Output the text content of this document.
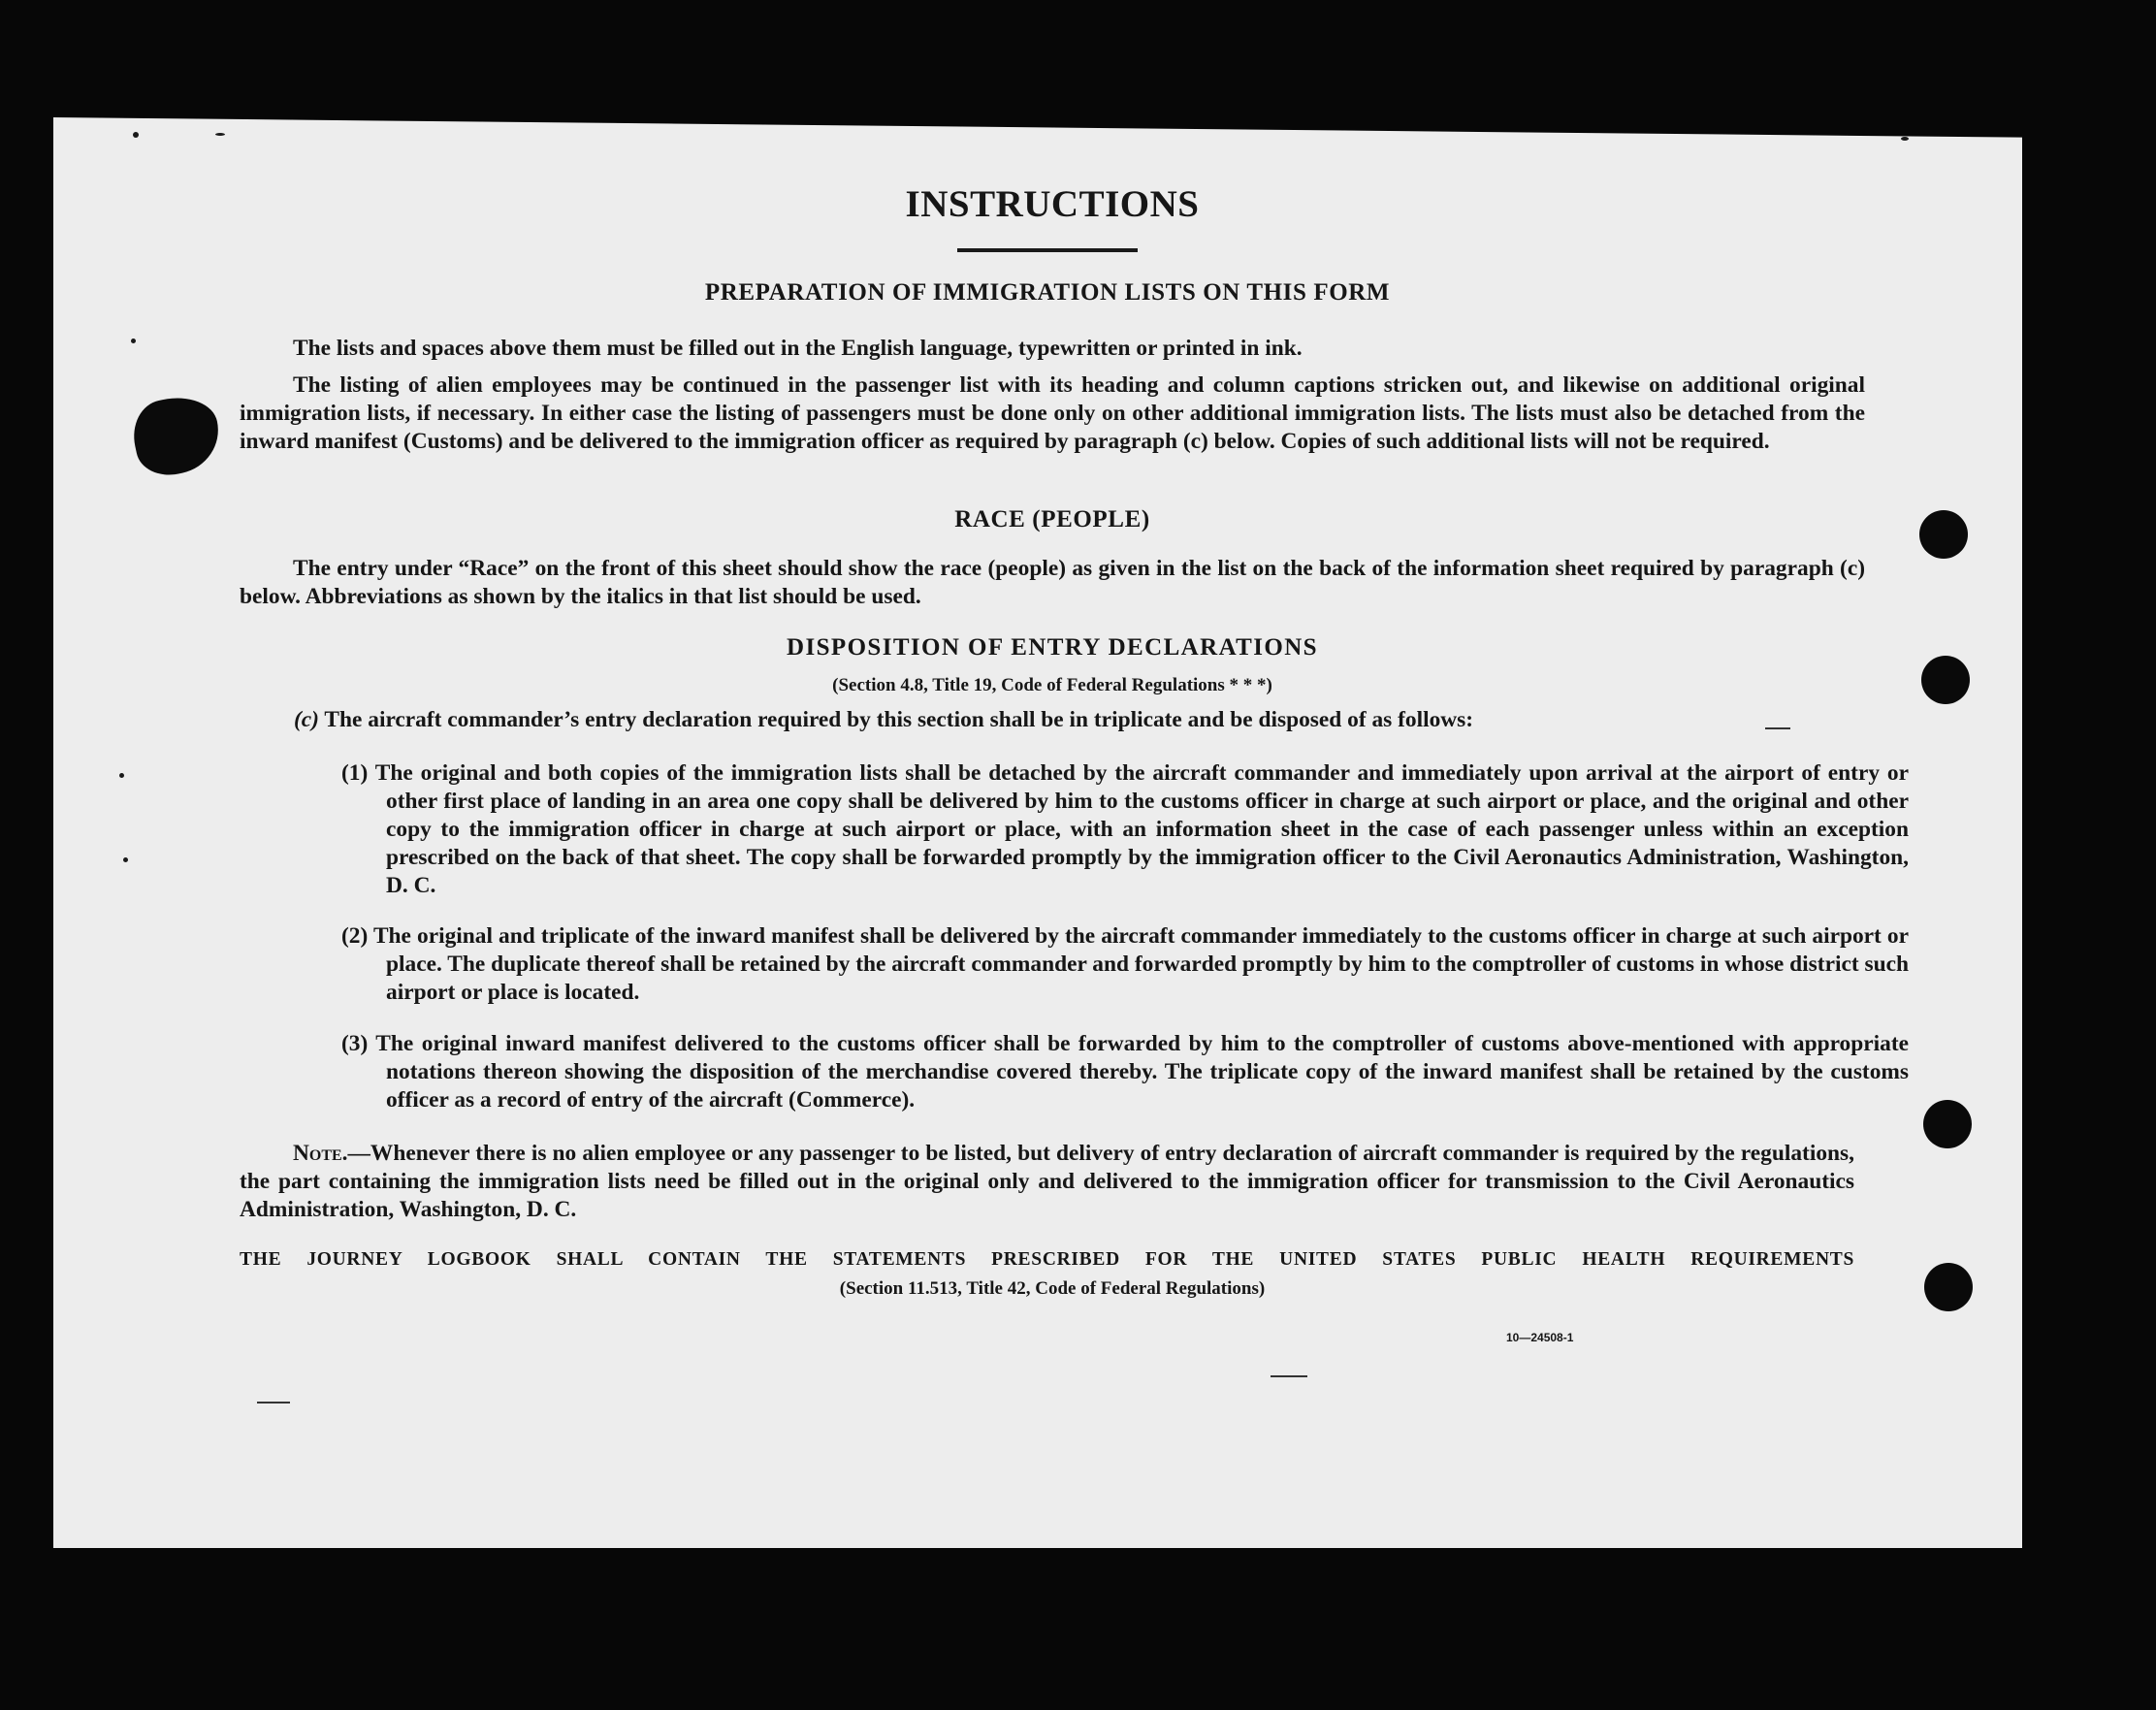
INSTRUCTIONS
PREPARATION OF IMMIGRATION LISTS ON THIS FORM

The lists and spaces above them must be filled out in the English language, typewritten or printed in ink.

The listing of alien employees may be continued in the passenger list with its heading and column captions stricken out, and likewise on additional original immigration lists, if necessary. In either case the listing of passengers must be done only on other additional immigration lists. The lists must also be detached from the inward manifest (Customs) and be delivered to the immigration officer as required by paragraph (c) below. Copies of such additional lists will not be required.

RACE (PEOPLE)

The entry under “Race” on the front of this sheet should show the race (people) as given in the list on the back of the information sheet required by paragraph (c) below. Abbreviations as shown by the italics in that list should be used.

DISPOSITION OF ENTRY DECLARATIONS
(Section 4.8, Title 19, Code of Federal Regulations * * *)

(c) The aircraft commander’s entry declaration required by this section shall be in triplicate and be disposed of as follows:

(1) The original and both copies of the immigration lists shall be detached by the aircraft commander and immediately upon arrival at the airport of entry or other first place of landing in an area one copy shall be delivered by him to the customs officer in charge at such airport or place, and the original and other copy to the immigration officer in charge at such airport or place, with an information sheet in the case of each passenger unless within an exception prescribed on the back of that sheet. The copy shall be forwarded promptly by the immigration officer to the Civil Aeronautics Administration, Washington, D. C.

(2) The original and triplicate of the inward manifest shall be delivered by the aircraft commander immediately to the customs officer in charge at such airport or place. The duplicate thereof shall be retained by the aircraft commander and forwarded promptly by him to the comptroller of customs in whose district such airport or place is located.

(3) The original inward manifest delivered to the customs officer shall be forwarded by him to the comptroller of customs above-mentioned with appropriate notations thereon showing the disposition of the merchandise covered thereby. The triplicate copy of the inward manifest shall be retained by the customs officer as a record of entry of the aircraft (Commerce).

Note.—Whenever there is no alien employee or any passenger to be listed, but delivery of entry declaration of aircraft commander is required by the regulations, the part containing the immigration lists need be filled out in the original only and delivered to the immigration officer for transmission to the Civil Aeronautics Administration, Washington, D. C.

THE JOURNEY LOGBOOK SHALL CONTAIN THE STATEMENTS PRESCRIBED FOR THE UNITED STATES PUBLIC HEALTH REQUIREMENTS
(Section 11.513, Title 42, Code of Federal Regulations)
10—24508-1
